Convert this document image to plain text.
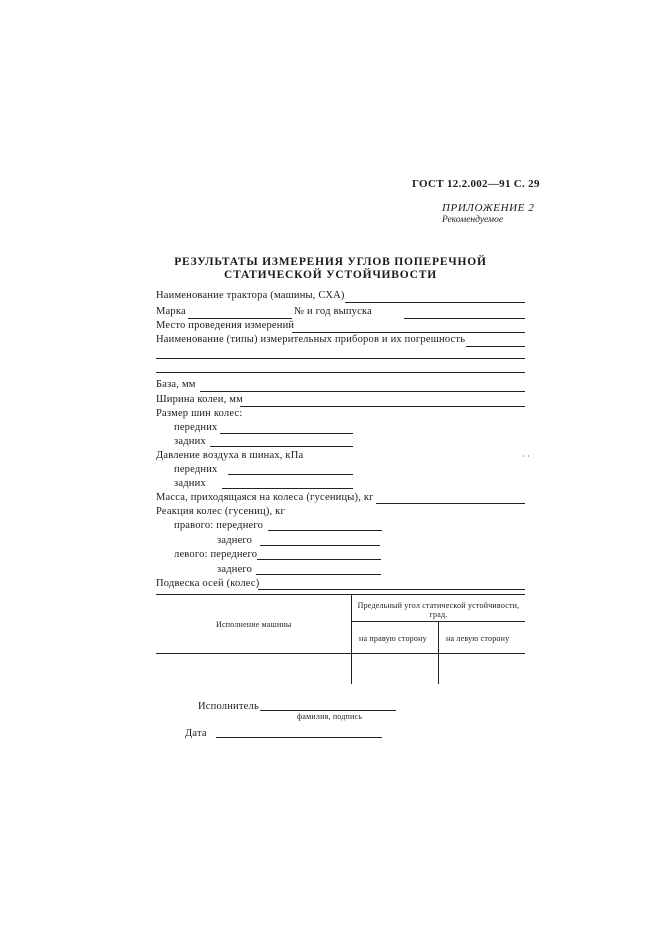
ГОСТ 12.2.002—91 С. 29
ПРИЛОЖЕНИЕ 2
Рекомендуемое
РЕЗУЛЬТАТЫ ИЗМЕРЕНИЯ УГЛОВ ПОПЕРЕЧНОЙ
СТАТИЧЕСКОЙ УСТОЙЧИВОСТИ
Наименование трактора (машины, СХА)
Марка	№ и год выпуска
Место проведения измерений
Наименование (типы) измерительных приборов и их погрешность
База, мм
Ширина колеи, мм
Размер шин колес:
передних
задних
Давление воздуха в шинах, кПа	· ·
передних
задних
Масса, приходящаяся на колеса (гусеницы), кг
Реакция колес (гусениц), кг
правого: переднего
заднего
левого: переднего
заднего
Подвеска осей (колес)
Исполнение машины
Предельный угол статической устойчивости, град.
на правую сторону на левую сторону
Исполнитель
фамилия, подпись
Дата
